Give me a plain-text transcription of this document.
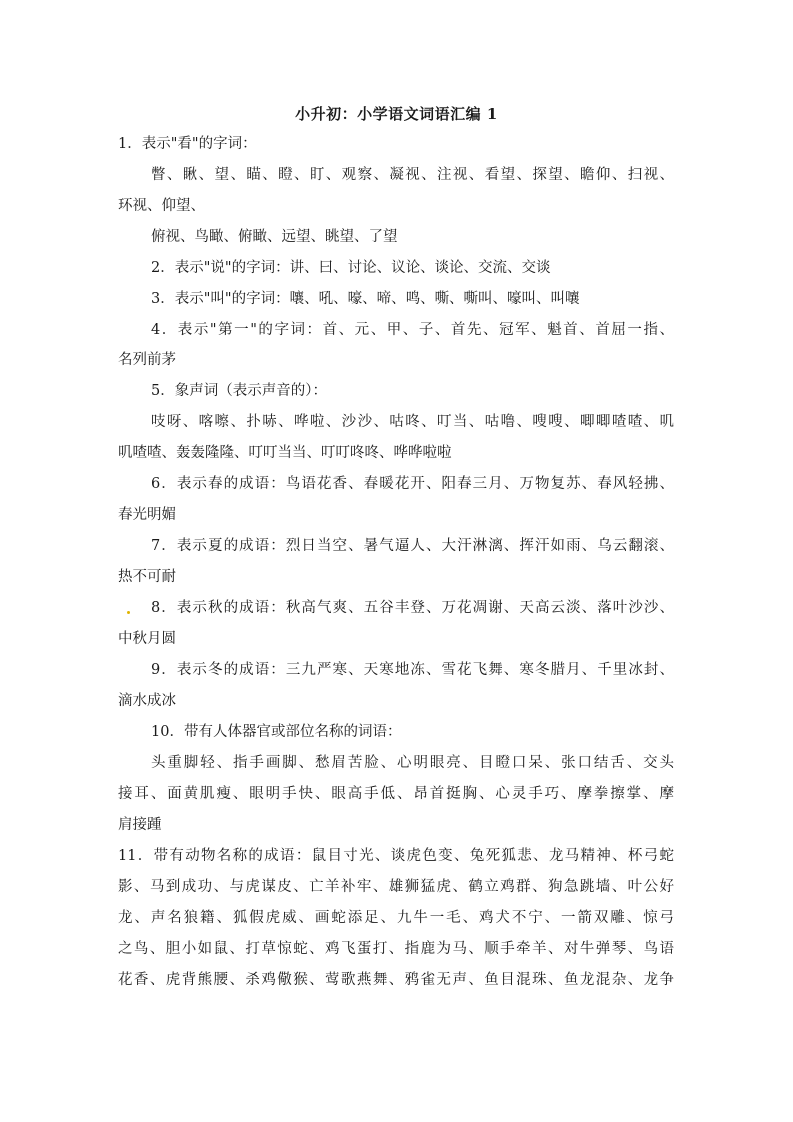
小升初：小学语文词语汇编 1
1．表示"看"的字词：
瞥、瞅、望、瞄、瞪、盯、观察、凝视、注视、看望、探望、瞻仰、扫视、
环视、仰望、
俯视、鸟瞰、俯瞰、远望、眺望、了望
2．表示"说"的字词：讲、曰、讨论、议论、谈论、交流、交谈
3．表示"叫"的字词：嚷、吼、嚎、啼、鸣、嘶、嘶叫、嚎叫、叫嚷
4．表示"第一"的字词：首、元、甲、子、首先、冠军、魁首、首屈一指、
名列前茅
5．象声词（表示声音的）：
吱呀、喀嚓、扑哧、哗啦、沙沙、咕咚、叮当、咕噜、嗖嗖、唧唧喳喳、叽
叽喳喳、轰轰隆隆、叮叮当当、叮叮咚咚、哗哗啦啦
6．表示春的成语：鸟语花香、春暖花开、阳春三月、万物复苏、春风轻拂、
春光明媚
7．表示夏的成语：烈日当空、暑气逼人、大汗淋漓、挥汗如雨、乌云翻滚、
热不可耐
8．表示秋的成语：秋高气爽、五谷丰登、万花凋谢、天高云淡、落叶沙沙、
中秋月圆
9．表示冬的成语：三九严寒、天寒地冻、雪花飞舞、寒冬腊月、千里冰封、
滴水成冰
10．带有人体器官或部位名称的词语：
头重脚轻、指手画脚、愁眉苦脸、心明眼亮、目瞪口呆、张口结舌、交头
接耳、面黄肌瘦、眼明手快、眼高手低、昂首挺胸、心灵手巧、摩拳擦掌、摩
肩接踵
11．带有动物名称的成语：鼠目寸光、谈虎色变、兔死狐悲、龙马精神、杯弓蛇
影、马到成功、与虎谋皮、亡羊补牢、雄狮猛虎、鹤立鸡群、狗急跳墙、叶公好
龙、声名狼籍、狐假虎威、画蛇添足、九牛一毛、鸡犬不宁、一箭双雕、惊弓
之鸟、胆小如鼠、打草惊蛇、鸡飞蛋打、指鹿为马、顺手牵羊、对牛弹琴、鸟语
花香、虎背熊腰、杀鸡儆猴、莺歌燕舞、鸦雀无声、鱼目混珠、鱼龙混杂、龙争
